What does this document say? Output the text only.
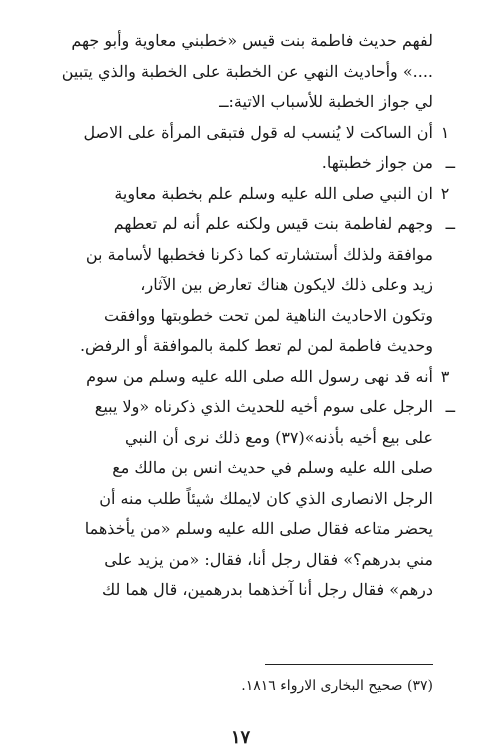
لفهم حديث فاطمة بنت قيس «خطبني معاوية وأبو جهم
....» وأحاديث النهي عن الخطبة على الخطبة والذي يتبين
لي جواز الخطبة للأسباب الاتية:ــ
١ ــ
أن الساكت لا يُنسب له قول فتبقى المرأة على الاصل
من جواز خطبتها.
٢ ــ
ان النبي صلى الله عليه وسلم علم بخطبة معاوية
وجهم لفاطمة بنت قيس ولكنه علم أنه لم تعطهم
موافقة ولذلك أستشارته كما ذكرنا فخطبها لأسامة بن
زيد وعلى ذلك لايكون هناك تعارض بين الآثار،
وتكون الاحاديث الناهية لمن تحت خطوبتها ووافقت
وحديث فاطمة لمن لم تعط كلمة بالموافقة أو الرفض.
٣ ــ
أنه قد نهى رسول الله صلى الله عليه وسلم من سوم
الرجل على سوم أخيه للحديث الذي ذكرناه «ولا يبيع
على بيع أخيه بأذنه»(٣٧) ومع ذلك نرى أن النبي
صلى الله عليه وسلم في حديث انس بن مالك مع
الرجل الانصارى الذي كان لايملك شيئاً طلب منه أن
يحضر متاعه فقال صلى الله عليه وسلم «من يأخذهما
مني بدرهم؟» فقال رجل أنا، فقال: «من يزيد على
درهم» فقال رجل أنا آخذهما بدرهمين، قال هما لك
(٣٧) صحيح البخارى الارواء ١٨١٦.
١٧
